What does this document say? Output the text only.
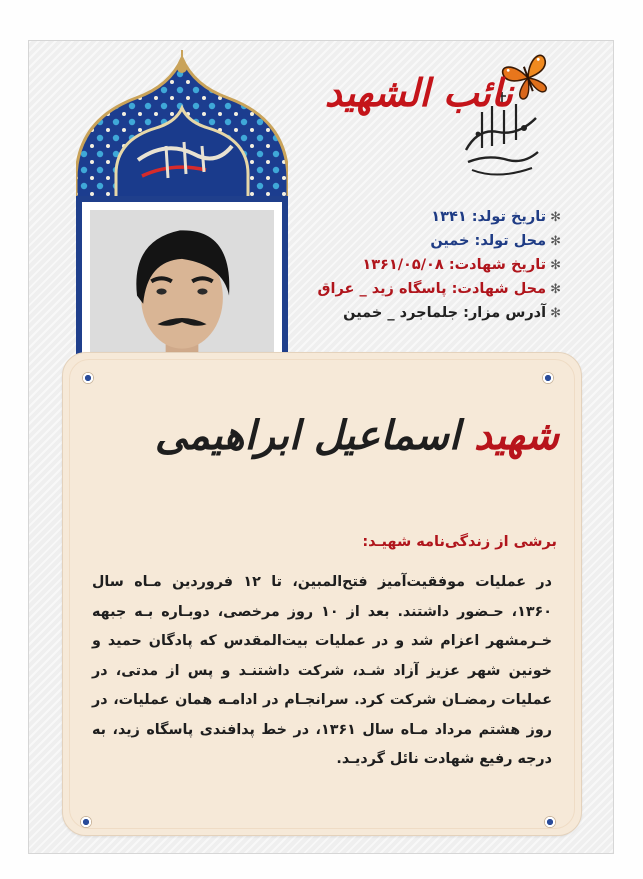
نائب الشهید
✻تاریخ تولد: ۱۳۴۱
✻محل تولد: خمین
✻تاریخ شهادت: ۱۳۶۱/۰۵/۰۸
✻محل شهادت: پاسگاه زید _ عراق
✻آدرس مزار: جلماجرد _ خمین
شهید اسماعیل ابراهیمی
برشی از زندگی‌نامه شهیـد:
در عملیات موفقیت‌آمیز فتح‌المبین، تا ۱۲ فروردین مـاه سال ۱۳۶۰، حـضور داشتند. بعد از ۱۰ روز مرخصی، دوبـاره بـه جبهه خـرمشهر اعزام شد و در عملیات بیت‌المقدس که پادگان حمید و خونین شهر عزیز آزاد شـد، شرکت داشتنـد و پس از مدتی، در عملیات رمضـان شرکت کرد. سرانجـام در ادامـه همان عملیات، در روز هشتم مرداد مـاه سال ۱۳۶۱، در خط پدافندی پاسگاه زید، به درجه رفیع شهادت نائل گردیـد.
